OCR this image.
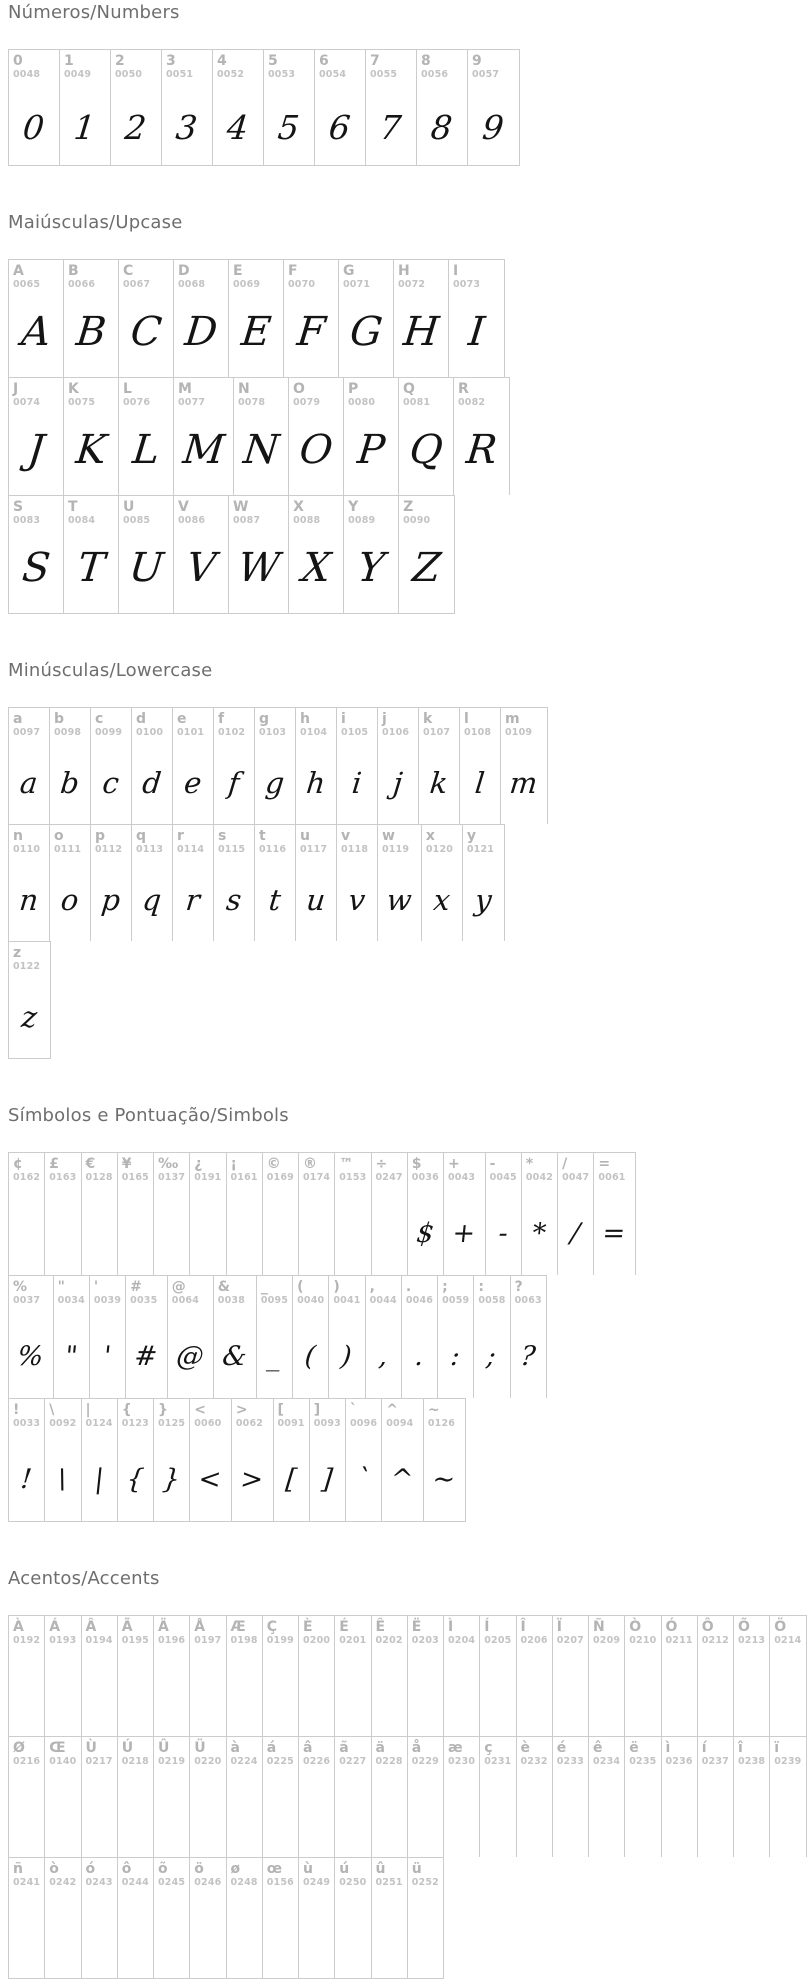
Números/Numbers
0
0048
0
1
0049
1
2
0050
2
3
0051
3
4
0052
4
5
0053
5
6
0054
6
7
0055
7
8
0056
8
9
0057
9
Maiúsculas/Upcase
A
0065
A
B
0066
B
C
0067
C
D
0068
D
E
0069
E
F
0070
F
G
0071
G
H
0072
H
I
0073
I
J
0074
J
K
0075
K
L
0076
L
M
0077
M
N
0078
N
O
0079
O
P
0080
P
Q
0081
Q
R
0082
R
S
0083
S
T
0084
T
U
0085
U
V
0086
V
W
0087
W
X
0088
X
Y
0089
Y
Z
0090
Z
Minúsculas/Lowercase
a
0097
a
b
0098
b
c
0099
c
d
0100
d
e
0101
e
f
0102
f
g
0103
g
h
0104
h
i
0105
i
j
0106
j
k
0107
k
l
0108
l
m
0109
m
n
0110
n
o
0111
o
p
0112
p
q
0113
q
r
0114
r
s
0115
s
t
0116
t
u
0117
u
v
0118
v
w
0119
w
x
0120
x
y
0121
y
z
0122
z
Símbolos e Pontuação/Simbols
¢
0162
£
0163
€
0128
¥
0165
‰
0137
¿
0191
¡
0161
©
0169
®
0174
™
0153
÷
0247
$
0036
$
+
0043
+
-
0045
-
*
0042
*
/
0047
/
=
0061
=
%
0037
%
"
0034
"
'
0039
'
#
0035
#
@
0064
@
&
0038
&
_
0095
_
(
0040
(
)
0041
)
,
0044
,
.
0046
.
;
0059
:
:
0058
;
?
0063
?
!
0033
!
\
0092
\
|
0124
|
{
0123
{
}
0125
}
<
0060
<
>
0062
>
[
0091
[
]
0093
]
`
0096
`
^
0094
^
~
0126
~
Acentos/Accents
À
0192
Á
0193
Â
0194
Ã
0195
Ä
0196
Å
0197
Æ
0198
Ç
0199
È
0200
É
0201
Ê
0202
Ë
0203
Ì
0204
Í
0205
Î
0206
Ï
0207
Ñ
0209
Ò
0210
Ó
0211
Ô
0212
Õ
0213
Ö
0214
Ø
0216
Œ
0140
Ù
0217
Ú
0218
Û
0219
Ü
0220
à
0224
á
0225
â
0226
ã
0227
ä
0228
å
0229
æ
0230
ç
0231
è
0232
é
0233
ê
0234
ë
0235
ì
0236
í
0237
î
0238
ï
0239
ñ
0241
ò
0242
ó
0243
ô
0244
õ
0245
ö
0246
ø
0248
œ
0156
ù
0249
ú
0250
û
0251
ü
0252
